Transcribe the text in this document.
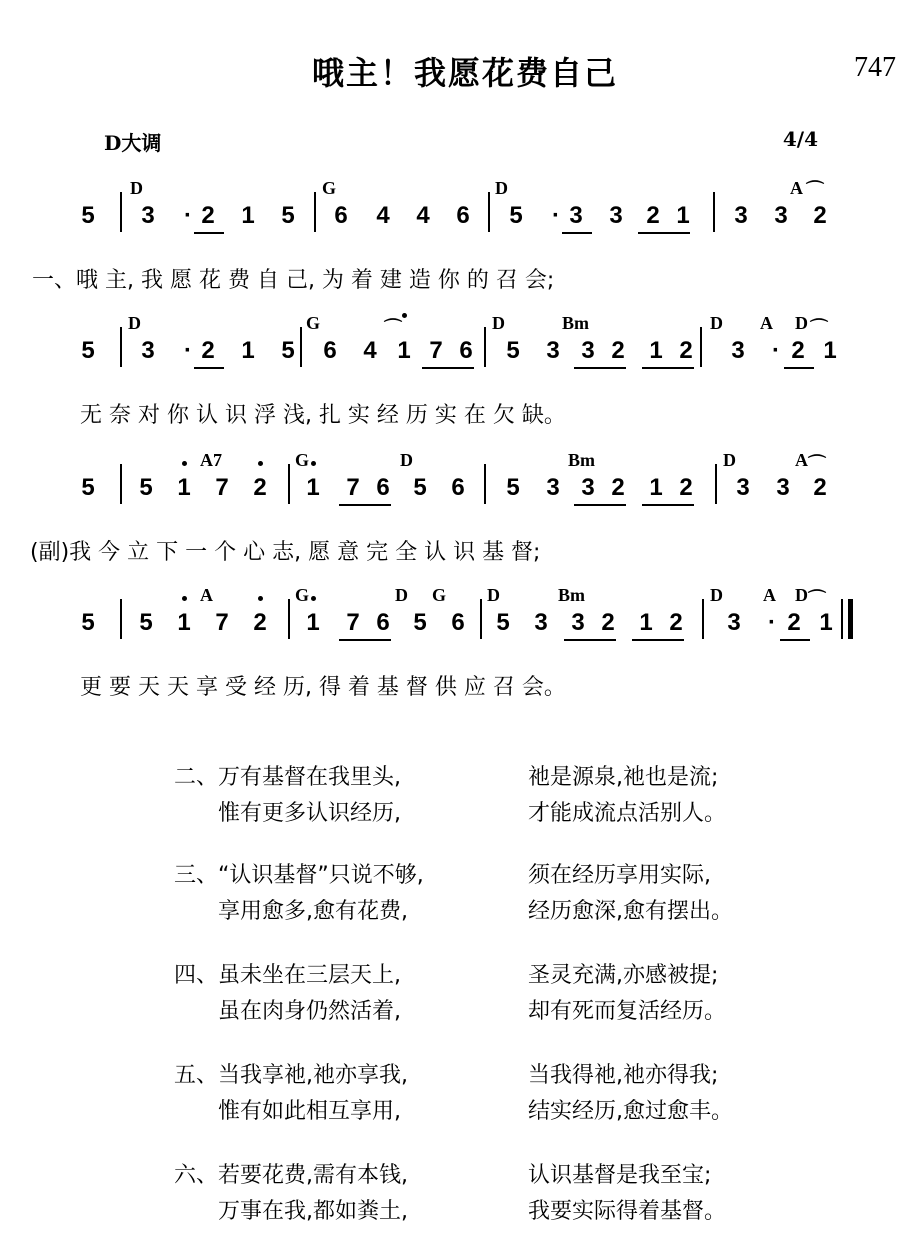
哦主！我愿花费自己	747
D大调	4/4
D	G	D	A
5 3	· 2 1 5 6 4 4 6 5	· 3 3 2 1 3 3 2
一、哦 主, 我 愿 花 费 自 己, 为 着 建 造 你 的 召 会;
D	G	D	Bm	D A D
5 3	· 2 1 5 6 4 1 7 6 5 3 3 2 1 2 3	· 2 1
无 奈 对 你 认 识 浮 浅, 扎 实 经 历 实 在 欠 缺。
A7	G	D	Bm	D	A
5 5 1 7 2 1 7 6 5 6 5 3 3 2 1 2 3 3 2
(副)我 今 立 下 一 个 心 志, 愿 意 完 全 认 识 基 督;
A	G	D G D	Bm	D A D
5 5 1 7 2 1 7 6 5 6 5 3 3 2 1 2 3	· 2 1
更 要 天 天 享 受 经 历, 得 着 基 督 供 应 召 会。
⌒
⌒	⌒
⌒
⌒
二、万有基督在我里头,	祂是源泉,祂也是流;
惟有更多认识经历,	才能成流点活别人。
三、“认识基督”只说不够,	须在经历享用实际,
享用愈多,愈有花费,	经历愈深,愈有摆出。
四、虽未坐在三层天上,	圣灵充满,亦感被提;
虽在肉身仍然活着,	却有死而复活经历。
五、当我享祂,祂亦享我,	当我得祂,祂亦得我;
惟有如此相互享用,	结实经历,愈过愈丰。
六、若要花费,需有本钱,	认识基督是我至宝;
万事在我,都如粪土,	我要实际得着基督。
